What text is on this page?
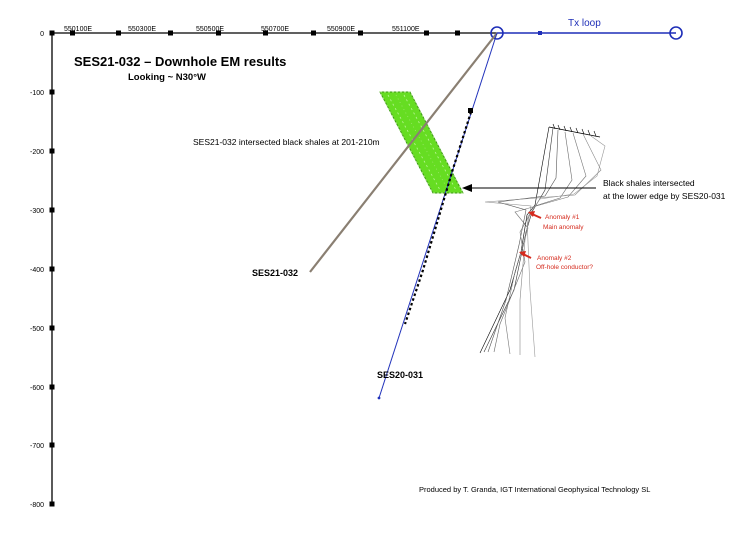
0
-100
-200
-300
-400
-500
-600
-700
-800
550100E	550300E	550500E	550700E	550900E	551100E
Tx loop
SES21-032 – Downhole EM results
Looking ~ N30°W
SES21-032 intersected black shales at 201-210m
Black shales intersected
at the lower edge by SES20-031
Anomaly #1
Main anomaly
Anomaly #2
Off-hole conductor?
SES21-032
SES20-031
Produced by T. Granda, IGT International Geophysical Technology SL
